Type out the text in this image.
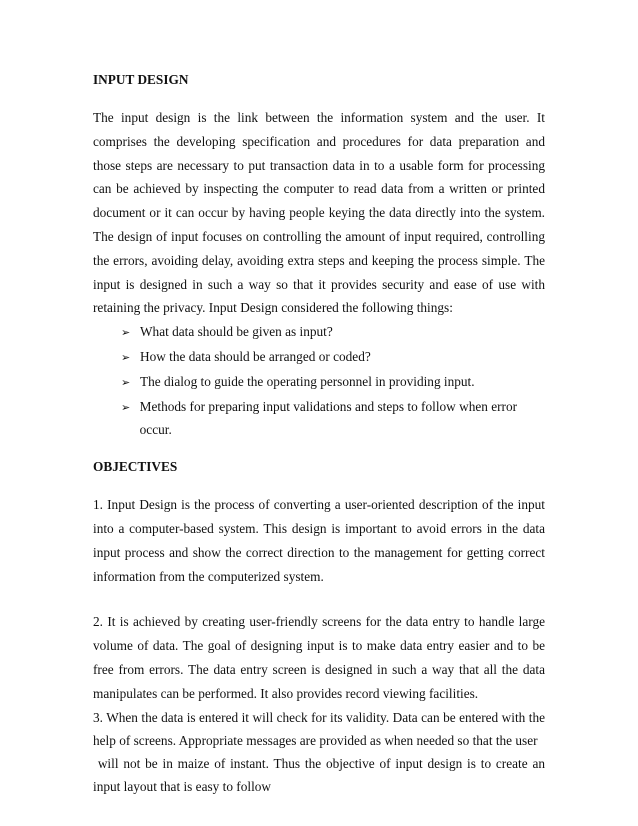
INPUT DESIGN

The input design is the link between the information system and the user. It comprises the developing specification and procedures for data preparation and those steps are necessary to put transaction data in to a usable form for processing can be achieved by inspecting the computer to read data from a written or printed document or it can occur by having people keying the data directly into the system. The design of input focuses on controlling the amount of input required, controlling the errors, avoiding delay, avoiding extra steps and keeping the process simple. The input is designed in such a way so that it provides security and ease of use with retaining the privacy. Input Design considered the following things:

➢ What data should be given as input?
➢ How the data should be arranged or coded?
➢ The dialog to guide the operating personnel in providing input.
➢ Methods for preparing input validations and steps to follow when error occur.
OBJECTIVES

1. Input Design is the process of converting a user-oriented description of the input into a computer-based system. This design is important to avoid errors in the data input process and show the correct direction to the management for getting correct information from the computerized system.

2. It is achieved by creating user-friendly screens for the data entry to handle large volume of data. The goal of designing input is to make data entry easier and to be free from errors. The data entry screen is designed in such a way that all the data manipulates can be performed. It also provides record viewing facilities.

3. When the data is entered it will check for its validity. Data can be entered with the help of screens. Appropriate messages are provided as when needed so that the user

will not be in maize of instant. Thus the objective of input design is to create an input layout that is easy to follow
